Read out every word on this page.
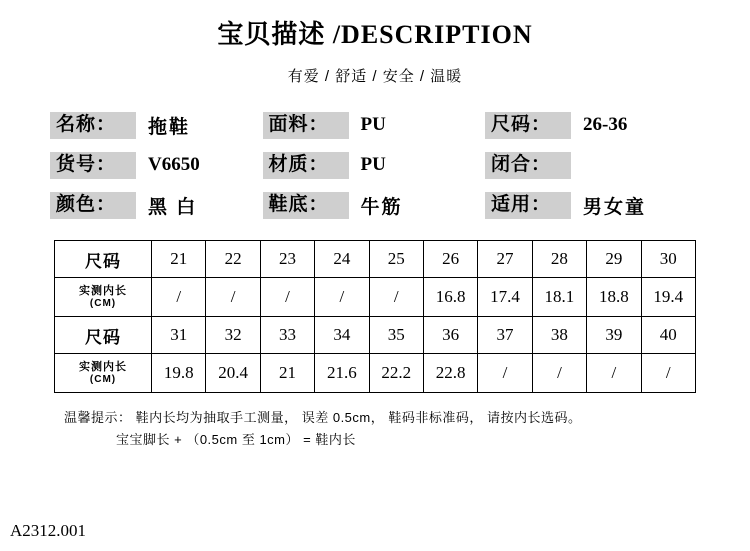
宝贝描述 /DESCRIPTION
有爱 / 舒适 / 安全 / 温暖
名称：	拖鞋
货号：	V6650
颜色：	黑 白
面料：	PU
材质：	PU
鞋底：	牛筋
尺码：	26-36
闭合：
适用：	男女童
尺码	21	22	23	24	25	26	27	28	29	30
实测内长
(CM)	/	/	/	/	/	16.8	17.4	18.1	18.8	19.4
尺码	31	32	33	34	35	36	37	38	39	40
实测内长
(CM)	19.8	20.4	21	21.6	22.2	22.8	/	/	/	/
温馨提示： 鞋内长均为抽取手工测量， 误差 0.5cm， 鞋码非标准码， 请按内长选码。
宝宝脚长 + （0.5cm 至 1cm） = 鞋内长
A2312.001
